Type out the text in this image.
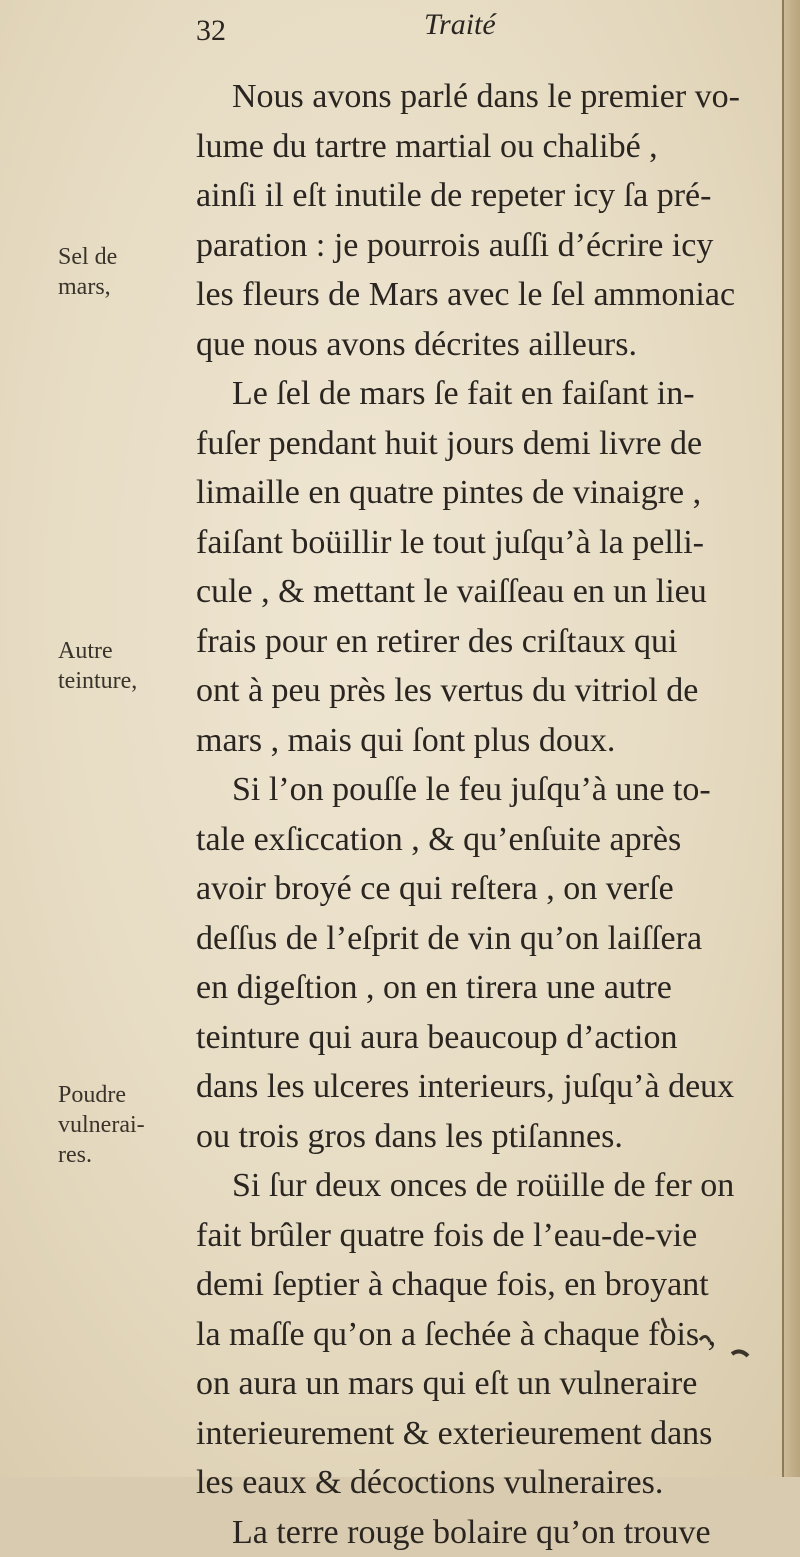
32	Traité
Sel de
mars,
Autre
teinture,
Poudre
vulnerai-
res.
Nous avons parlé dans le premier vo-
lume du tartre martial ou chalibé ,
ainſi il eſt inutile de repeter icy ſa pré-
paration : je pourrois auſſi d’écrire icy
les fleurs de Mars avec le ſel ammoniac
que nous avons décrites ailleurs.
Le ſel de mars ſe fait en faiſant in-
fuſer pendant huit jours demi livre de
limaille en quatre pintes de vinaigre ,
faiſant boüillir le tout juſqu’à la pelli-
cule , & mettant le vaiſſeau en un lieu
frais pour en retirer des criſtaux qui
ont à peu près les vertus du vitriol de
mars , mais qui ſont plus doux.
Si l’on pouſſe le feu juſqu’à une to-
tale exſiccation , & qu’enſuite après
avoir broyé ce qui reſtera , on verſe
deſſus de l’eſprit de vin qu’on laiſſera
en digeſtion , on en tirera une autre
teinture qui aura beaucoup d’action
dans les ulceres interieurs, juſqu’à deux
ou trois gros dans les ptiſannes.
Si ſur deux onces de roüille de fer on
fait brûler quatre fois de l’eau-de-vie
demi ſeptier à chaque fois, en broyant
la maſſe qu’on a ſechée à chaque fois ,
on aura un mars qui eſt un vulneraire
interieurement & exterieurement dans
les eaux & décoctions vulneraires.
La terre rouge bolaire qu’on trouve
